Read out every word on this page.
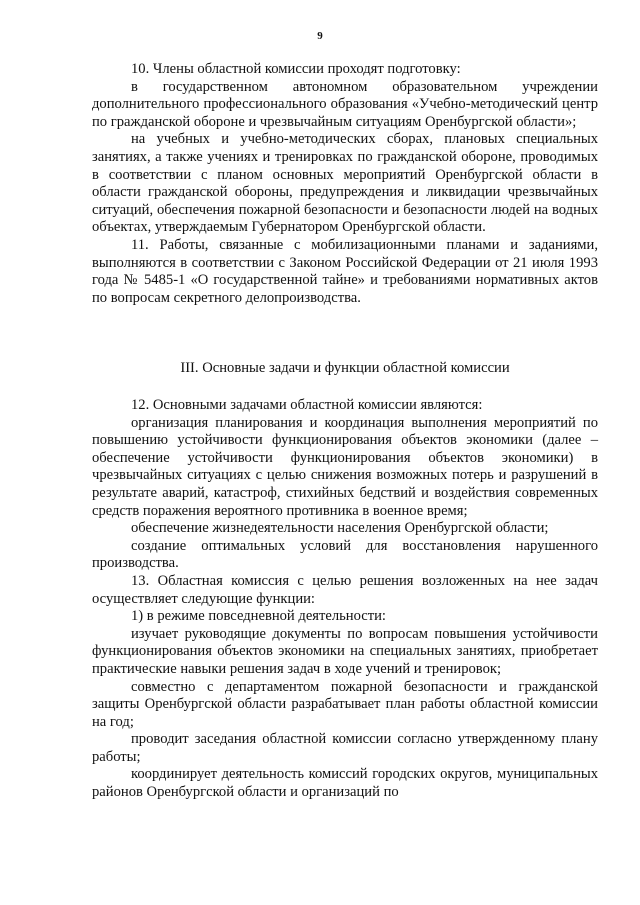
9

10. Члены областной комиссии проходят подготовку:

в государственном автономном образовательном учреждении дополнительного профессионального образования «Учебно-методический центр по гражданской обороне и чрезвычайным ситуациям Оренбургской области»;

на учебных и учебно-методических сборах, плановых специальных занятиях, а также учениях и тренировках по гражданской обороне, проводимых в соответствии с планом основных мероприятий Оренбургской области в области гражданской обороны, предупреждения и ликвидации чрезвычайных ситуаций, обеспечения пожарной безопасности и безопасности людей на водных объектах, утверждаемым Губернатором Оренбургской области.

11. Работы, связанные с мобилизационными планами и заданиями, выполняются в соответствии с Законом Российской Федерации от 21 июля 1993 года № 5485-1 «О государственной тайне» и требованиями нормативных актов по вопросам секретного делопроизводства.

III. Основные задачи и функции областной комиссии

12. Основными задачами областной комиссии являются:

организация планирования и координация выполнения мероприятий по повышению устойчивости функционирования объектов экономики (далее – обеспечение устойчивости функционирования объектов экономики) в чрезвычайных ситуациях с целью снижения возможных потерь и разрушений в результате аварий, катастроф, стихийных бедствий и воздействия современных средств поражения вероятного противника в военное время;

обеспечение жизнедеятельности населения Оренбургской области;

создание оптимальных условий для восстановления нарушенного производства.

13. Областная комиссия с целью решения возложенных на нее задач осуществляет следующие функции:

1) в режиме повседневной деятельности:

изучает руководящие документы по вопросам повышения устойчивости функционирования объектов экономики на специальных занятиях, приобретает практические навыки решения задач в ходе учений и тренировок;

совместно с департаментом пожарной безопасности и гражданской защиты Оренбургской области разрабатывает план работы областной комиссии на год;

проводит заседания областной комиссии согласно утвержденному плану работы;

координирует деятельность комиссий городских округов, муниципальных районов Оренбургской области и организаций по
